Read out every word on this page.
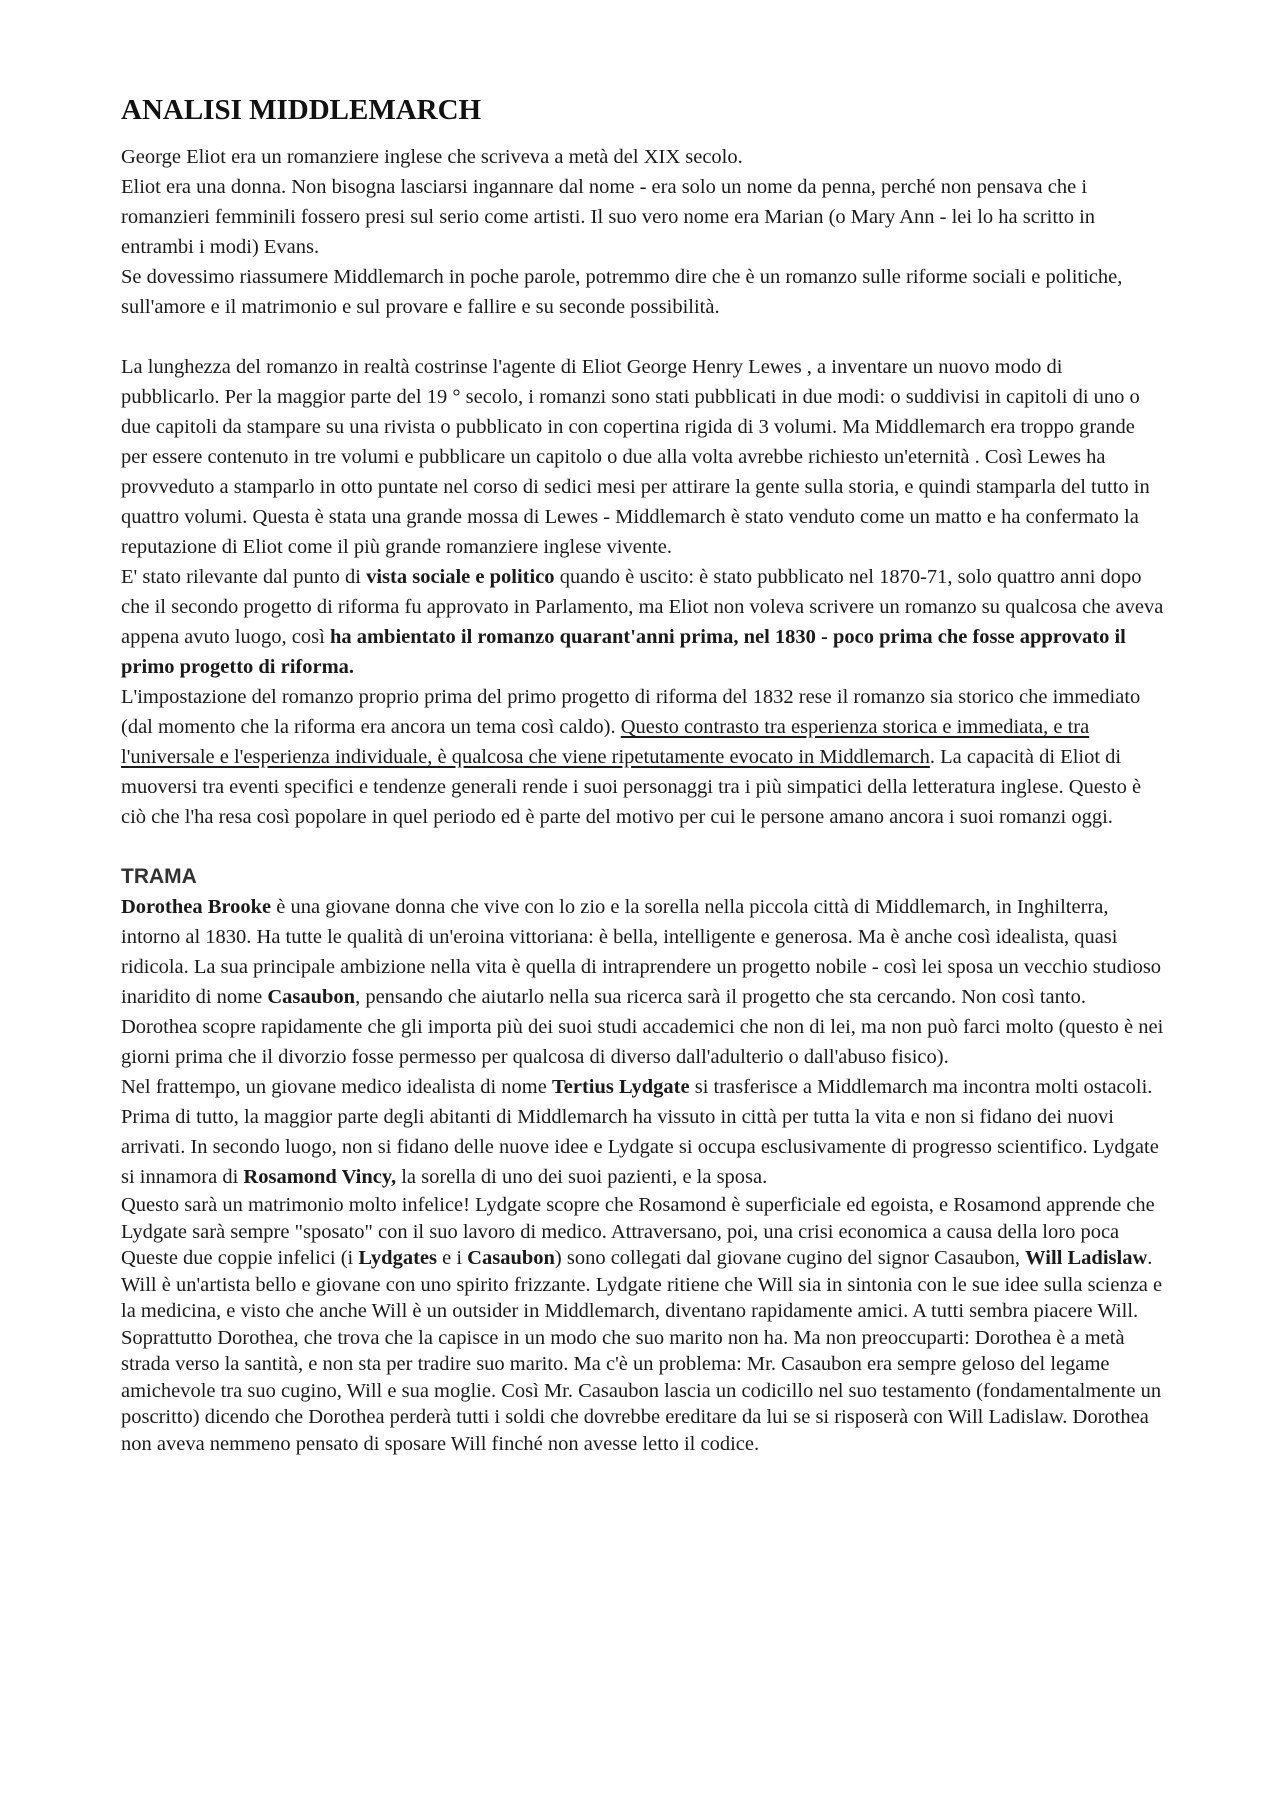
ANALISI MIDDLEMARCH

George Eliot era un romanziere inglese che scriveva a metà del XIX secolo.

Eliot era una donna. Non bisogna lasciarsi ingannare dal nome - era solo un nome da penna, perché non pensava che i romanzieri femminili fossero presi sul serio come artisti. Il suo vero nome era Marian (o Mary Ann - lei lo ha scritto in entrambi i modi) Evans.

Se dovessimo riassumere Middlemarch in poche parole, potremmo dire che è un romanzo sulle riforme sociali e politiche, sull'amore e il matrimonio e sul provare e fallire e su seconde possibilità.

La lunghezza del romanzo in realtà costrinse l'agente di Eliot George Henry Lewes , a inventare un nuovo modo di pubblicarlo. Per la maggior parte del 19 ° secolo, i romanzi sono stati pubblicati in due modi: o suddivisi in capitoli di uno o due capitoli da stampare su una rivista o pubblicato in con copertina rigida di 3 volumi. Ma Middlemarch era troppo grande per essere contenuto in tre volumi e pubblicare un capitolo o due alla volta avrebbe richiesto un'eternità . Così Lewes ha provveduto a stamparlo in otto puntate nel corso di sedici mesi per attirare la gente sulla storia, e quindi stamparla del tutto in quattro volumi. Questa è stata una grande mossa di Lewes - Middlemarch è stato venduto come un matto e ha confermato la reputazione di Eliot come il più grande romanziere inglese vivente.

E' stato rilevante dal punto di vista sociale e politico quando è uscito: è stato pubblicato nel 1870-71, solo quattro anni dopo che il secondo progetto di riforma fu approvato in Parlamento, ma Eliot non voleva scrivere un romanzo su qualcosa che aveva appena avuto luogo, così ha ambientato il romanzo quarant'anni prima, nel 1830 - poco prima che fosse approvato il primo progetto di riforma.

L'impostazione del romanzo proprio prima del primo progetto di riforma del 1832 rese il romanzo sia storico che immediato (dal momento che la riforma era ancora un tema così caldo). Questo contrasto tra esperienza storica e immediata, e tra l'universale e l'esperienza individuale, è qualcosa che viene ripetutamente evocato in Middlemarch. La capacità di Eliot di muoversi tra eventi specifici e tendenze generali rende i suoi personaggi tra i più simpatici della letteratura inglese. Questo è ciò che l'ha resa così popolare in quel periodo ed è parte del motivo per cui le persone amano ancora i suoi romanzi oggi.

TRAMA

Dorothea Brooke è una giovane donna che vive con lo zio e la sorella nella piccola città di Middlemarch, in Inghilterra, intorno al 1830. Ha tutte le qualità di un'eroina vittoriana: è bella, intelligente e generosa. Ma è anche così idealista, quasi ridicola. La sua principale ambizione nella vita è quella di intraprendere un progetto nobile - così lei sposa un vecchio studioso inaridito di nome Casaubon, pensando che aiutarlo nella sua ricerca sarà il progetto che sta cercando. Non così tanto. Dorothea scopre rapidamente che gli importa più dei suoi studi accademici che non di lei, ma non può farci molto (questo è nei giorni prima che il divorzio fosse permesso per qualcosa di diverso dall'adulterio o dall'abuso fisico).

Nel frattempo, un giovane medico idealista di nome Tertius Lydgate si trasferisce a Middlemarch ma incontra molti ostacoli. Prima di tutto, la maggior parte degli abitanti di Middlemarch ha vissuto in città per tutta la vita e non si fidano dei nuovi arrivati. In secondo luogo, non si fidano delle nuove idee e Lydgate si occupa esclusivamente di progresso scientifico. Lydgate si innamora di Rosamond Vincy, la sorella di uno dei suoi pazienti, e la sposa.

Questo sarà un matrimonio molto infelice! Lydgate scopre che Rosamond è superficiale ed egoista, e Rosamond apprende che Lydgate sarà sempre "sposato" con il suo lavoro di medico. Attraversano, poi, una crisi economica a causa della loro poca

Queste due coppie infelici (i Lydgates e i Casaubon) sono collegati dal giovane cugino del signor Casaubon, Will Ladislaw. Will è un'artista bello e giovane con uno spirito frizzante. Lydgate ritiene che Will sia in sintonia con le sue idee sulla scienza e la medicina, e visto che anche Will è un outsider in Middlemarch, diventano rapidamente amici. A tutti sembra piacere Will. Soprattutto Dorothea, che trova che la capisce in un modo che suo marito non ha. Ma non preoccuparti: Dorothea è a metà strada verso la santità, e non sta per tradire suo marito. Ma c'è un problema: Mr. Casaubon era sempre geloso del legame amichevole tra suo cugino, Will e sua moglie. Così Mr. Casaubon lascia un codicillo nel suo testamento (fondamentalmente un poscritto) dicendo che Dorothea perderà tutti i soldi che dovrebbe ereditare da lui se si risposerà con Will Ladislaw. Dorothea non aveva nemmeno pensato di sposare Will finché non avesse letto il codice.
